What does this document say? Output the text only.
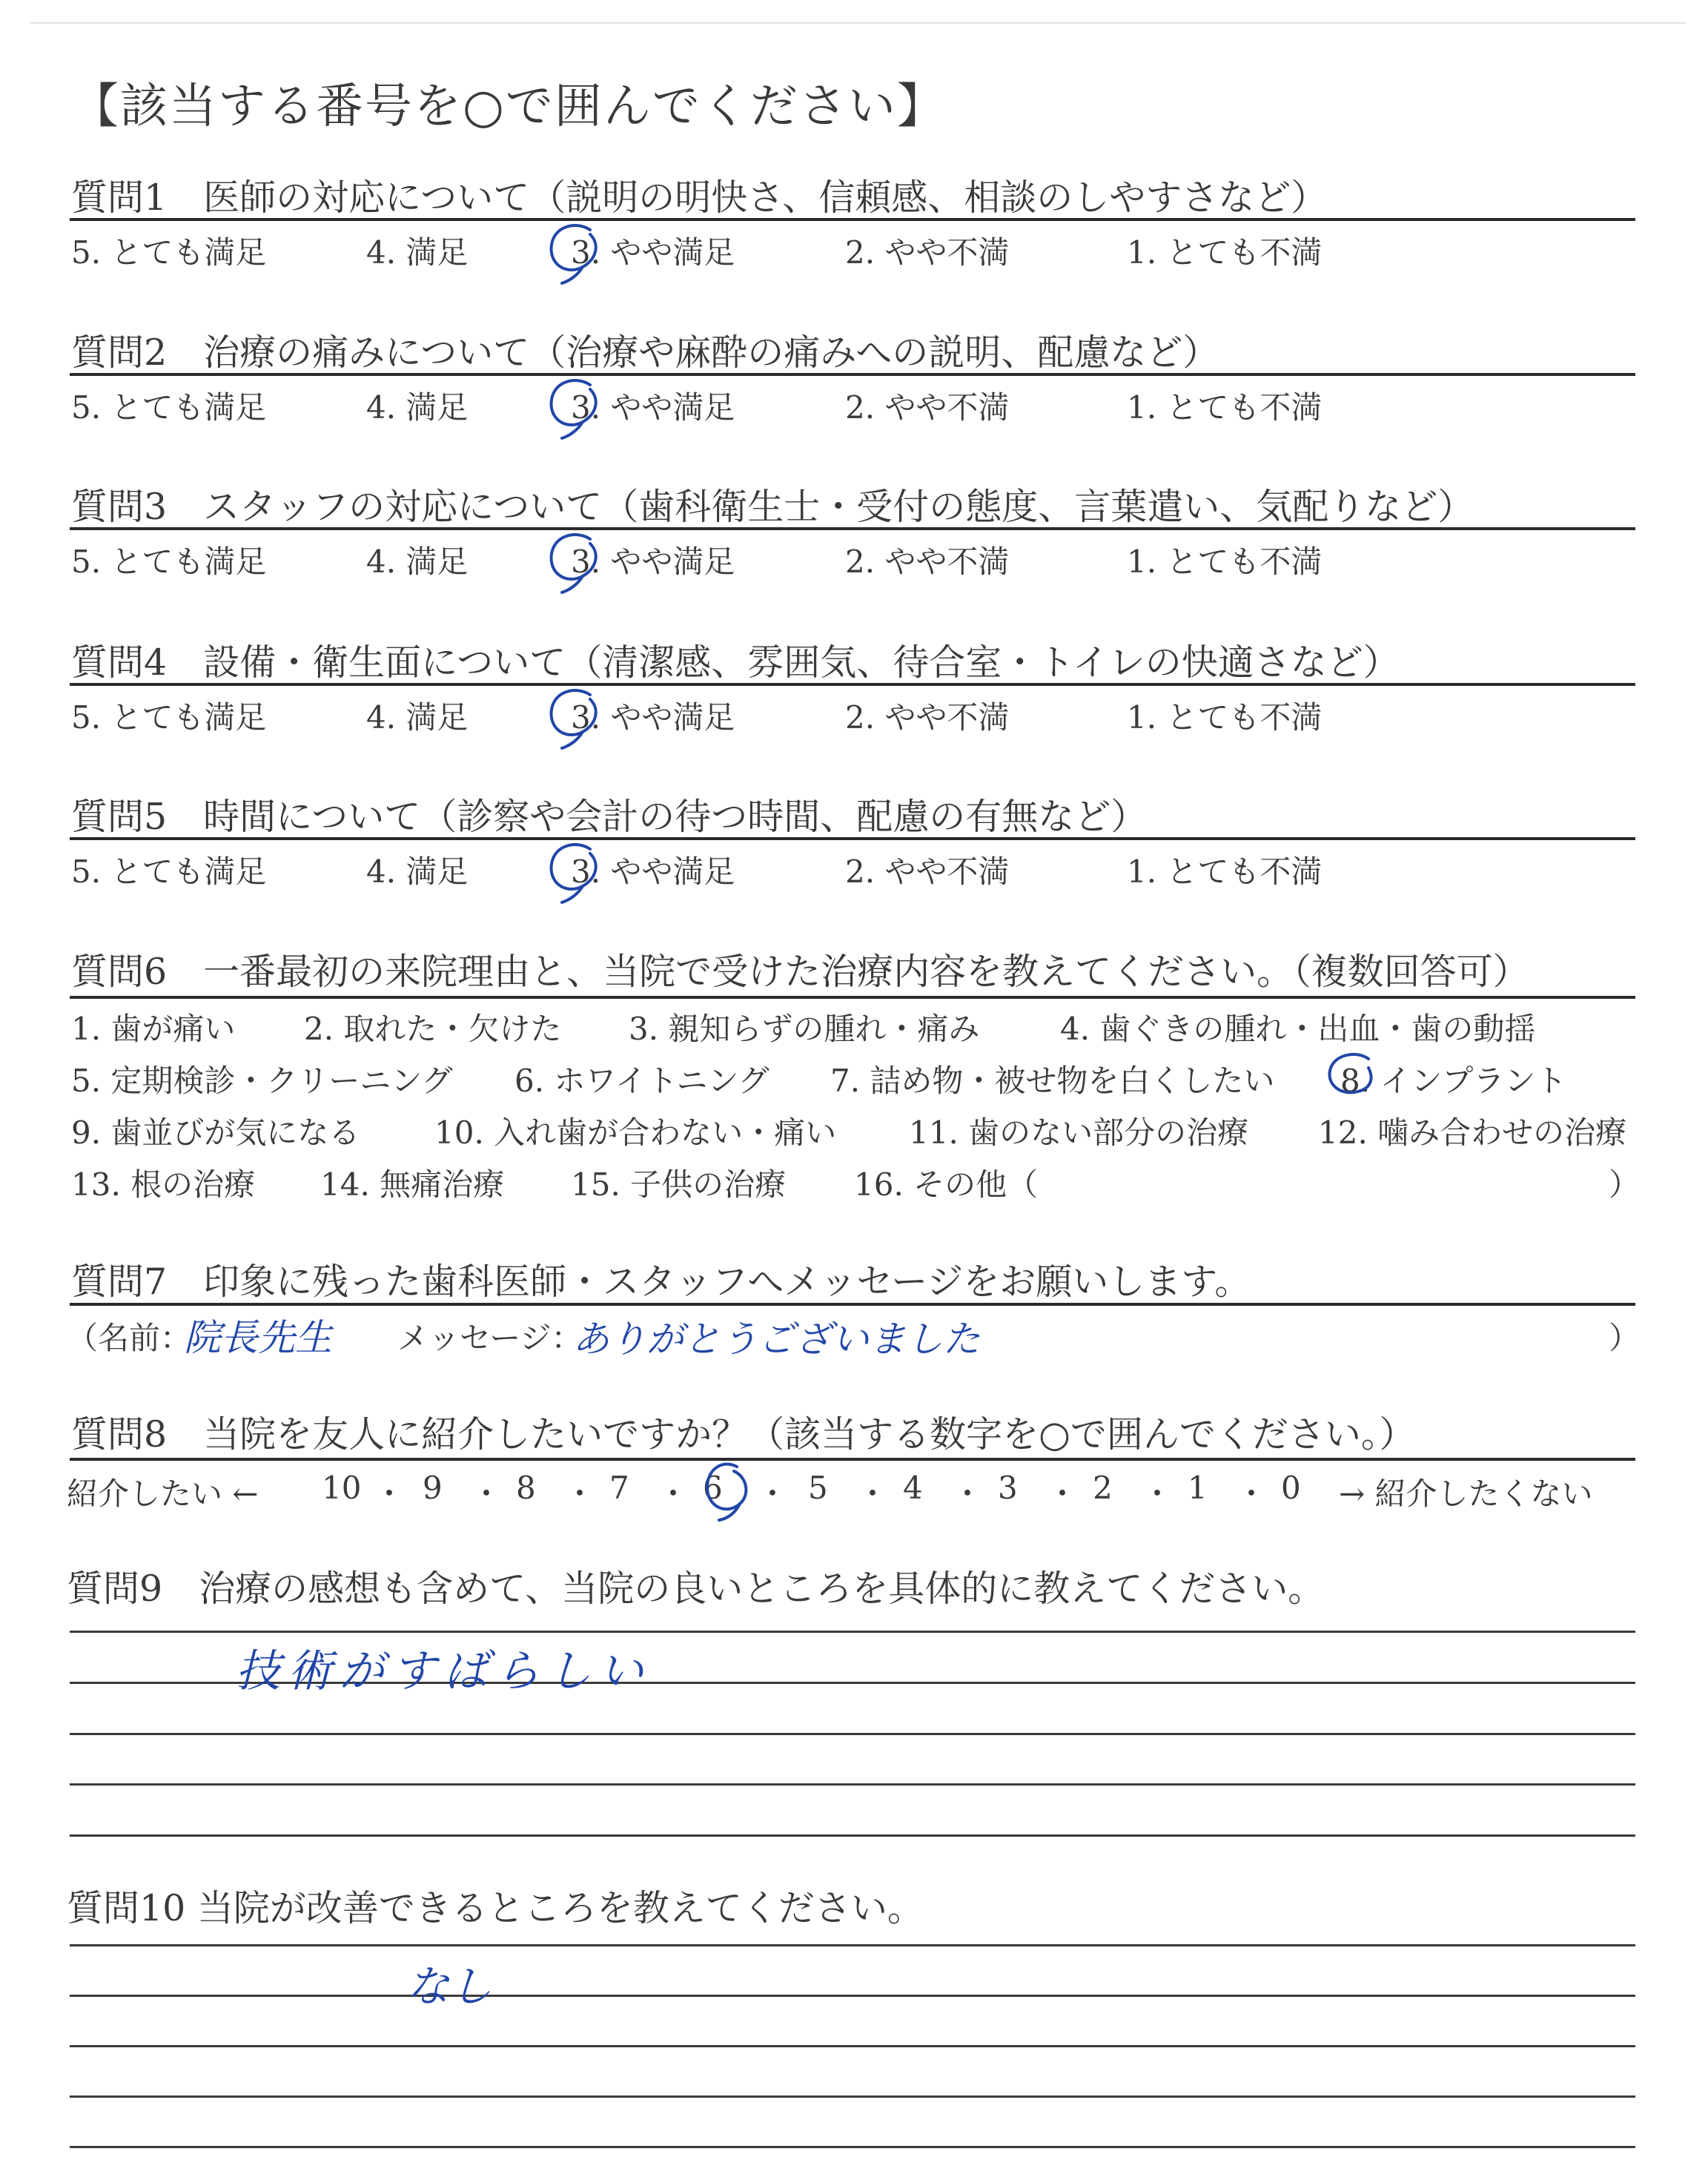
【該当する番号を○で囲んでください】
質問1　医師の対応について（説明の明快さ、信頼感、相談のしやすさなど）
5. とても満足	4. 満足	3. やや満足	2. やや不満	1. とても不満
質問2　治療の痛みについて（治療や麻酔の痛みへの説明、配慮など）
5. とても満足	4. 満足	3. やや満足	2. やや不満	1. とても不満
質問3　スタッフの対応について（歯科衛生士・受付の態度、言葉遣い、気配りなど）
5. とても満足	4. 満足	3. やや満足	2. やや不満	1. とても不満
質問4　設備・衛生面について（清潔感、雰囲気、待合室・トイレの快適さなど）
5. とても満足	4. 満足	3. やや満足	2. やや不満	1. とても不満
質問5　時間について（診察や会計の待つ時間、配慮の有無など）
5. とても満足	4. 満足	3. やや満足	2. やや不満	1. とても不満
質問6　一番最初の来院理由と、当院で受けた治療内容を教えてください。（複数回答可）
1. 歯が痛い 2. 取れた・欠けた 3. 親知らずの腫れ・痛み	4. 歯ぐきの腫れ・出血・歯の動揺
5. 定期検診・クリーニング 6. ホワイトニング 7. 詰め物・被せ物を白くしたい 8. インプラント
9. 歯並びが気になる 10. 入れ歯が合わない・痛い 11. 歯のない部分の治療 12. 噛み合わせの治療
13. 根の治療 14. 無痛治療 15. 子供の治療 16. その他（	）
質問7　印象に残った歯科医師・スタッフへメッセージをお願いします。
（名前：
院長先生 メッセージ：
ありがとうございました	）
質問8　当院を友人に紹介したいですか？（該当する数字を○で囲んでください。）
紹介したい ← 10 ・ 9 ・ 8 ・ 7 ・ 6 ・ 5 ・ 4 ・ 3 ・ 2 ・ 1 ・ 0 → 紹介したくない
質問9　治療の感想も含めて、当院の良いところを具体的に教えてください。
技術がすばらしい
質問10 当院が改善できるところを教えてください。
なし
